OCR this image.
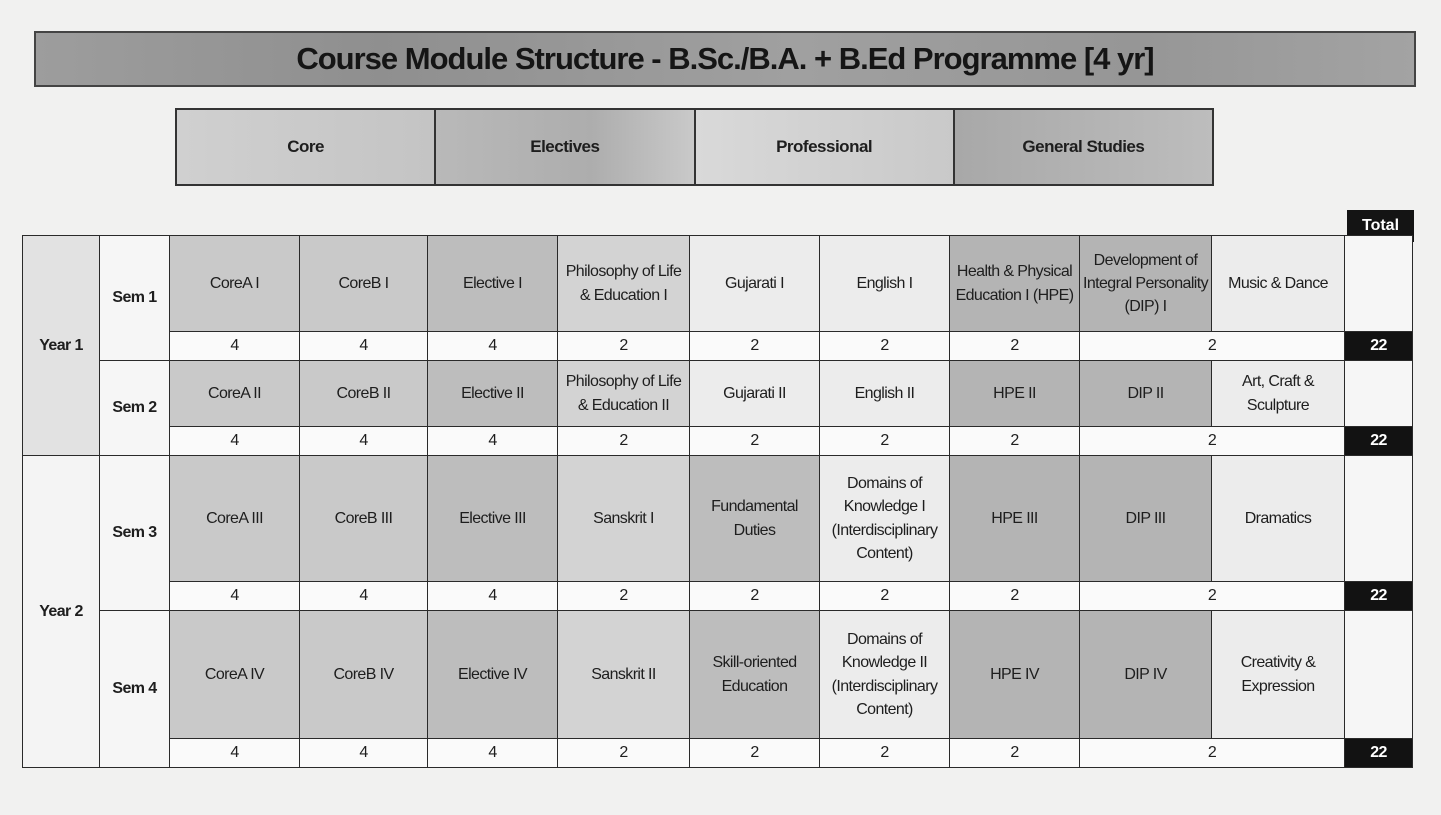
Course Module Structure - B.Sc./B.A. + B.Ed Programme [4 yr]
Core	Electives	Professional	General Studies
Total
Year 1	Sem 1	CoreA I	CoreB I	Elective I	Philosophy of Life & Education I	Gujarati I	English I	Health & Physical Education I (HPE)	Development of Integral Personality (DIP) I	Music & Dance	
		4	4	4	2	2	2	2	2		22
	Sem 2	CoreA II	CoreB II	Elective II	Philosophy of Life & Education II	Gujarati II	English II	HPE II	DIP II	Art, Craft & Sculpture	
		4	4	4	2	2	2	2	2		22
Year 2	Sem 3	CoreA III	CoreB III	Elective III	Sanskrit I	Fundamental Duties	Domains of Knowledge I (Interdisciplinary Content)	HPE III	DIP III	Dramatics	
		4	4	4	2	2	2	2	2		22
	Sem 4	CoreA IV	CoreB IV	Elective IV	Sanskrit II	Skill-oriented Education	Domains of Knowledge II (Interdisciplinary Content)	HPE IV	DIP IV	Creativity & Expression	
		4	4	4	2	2	2	2	2		22
